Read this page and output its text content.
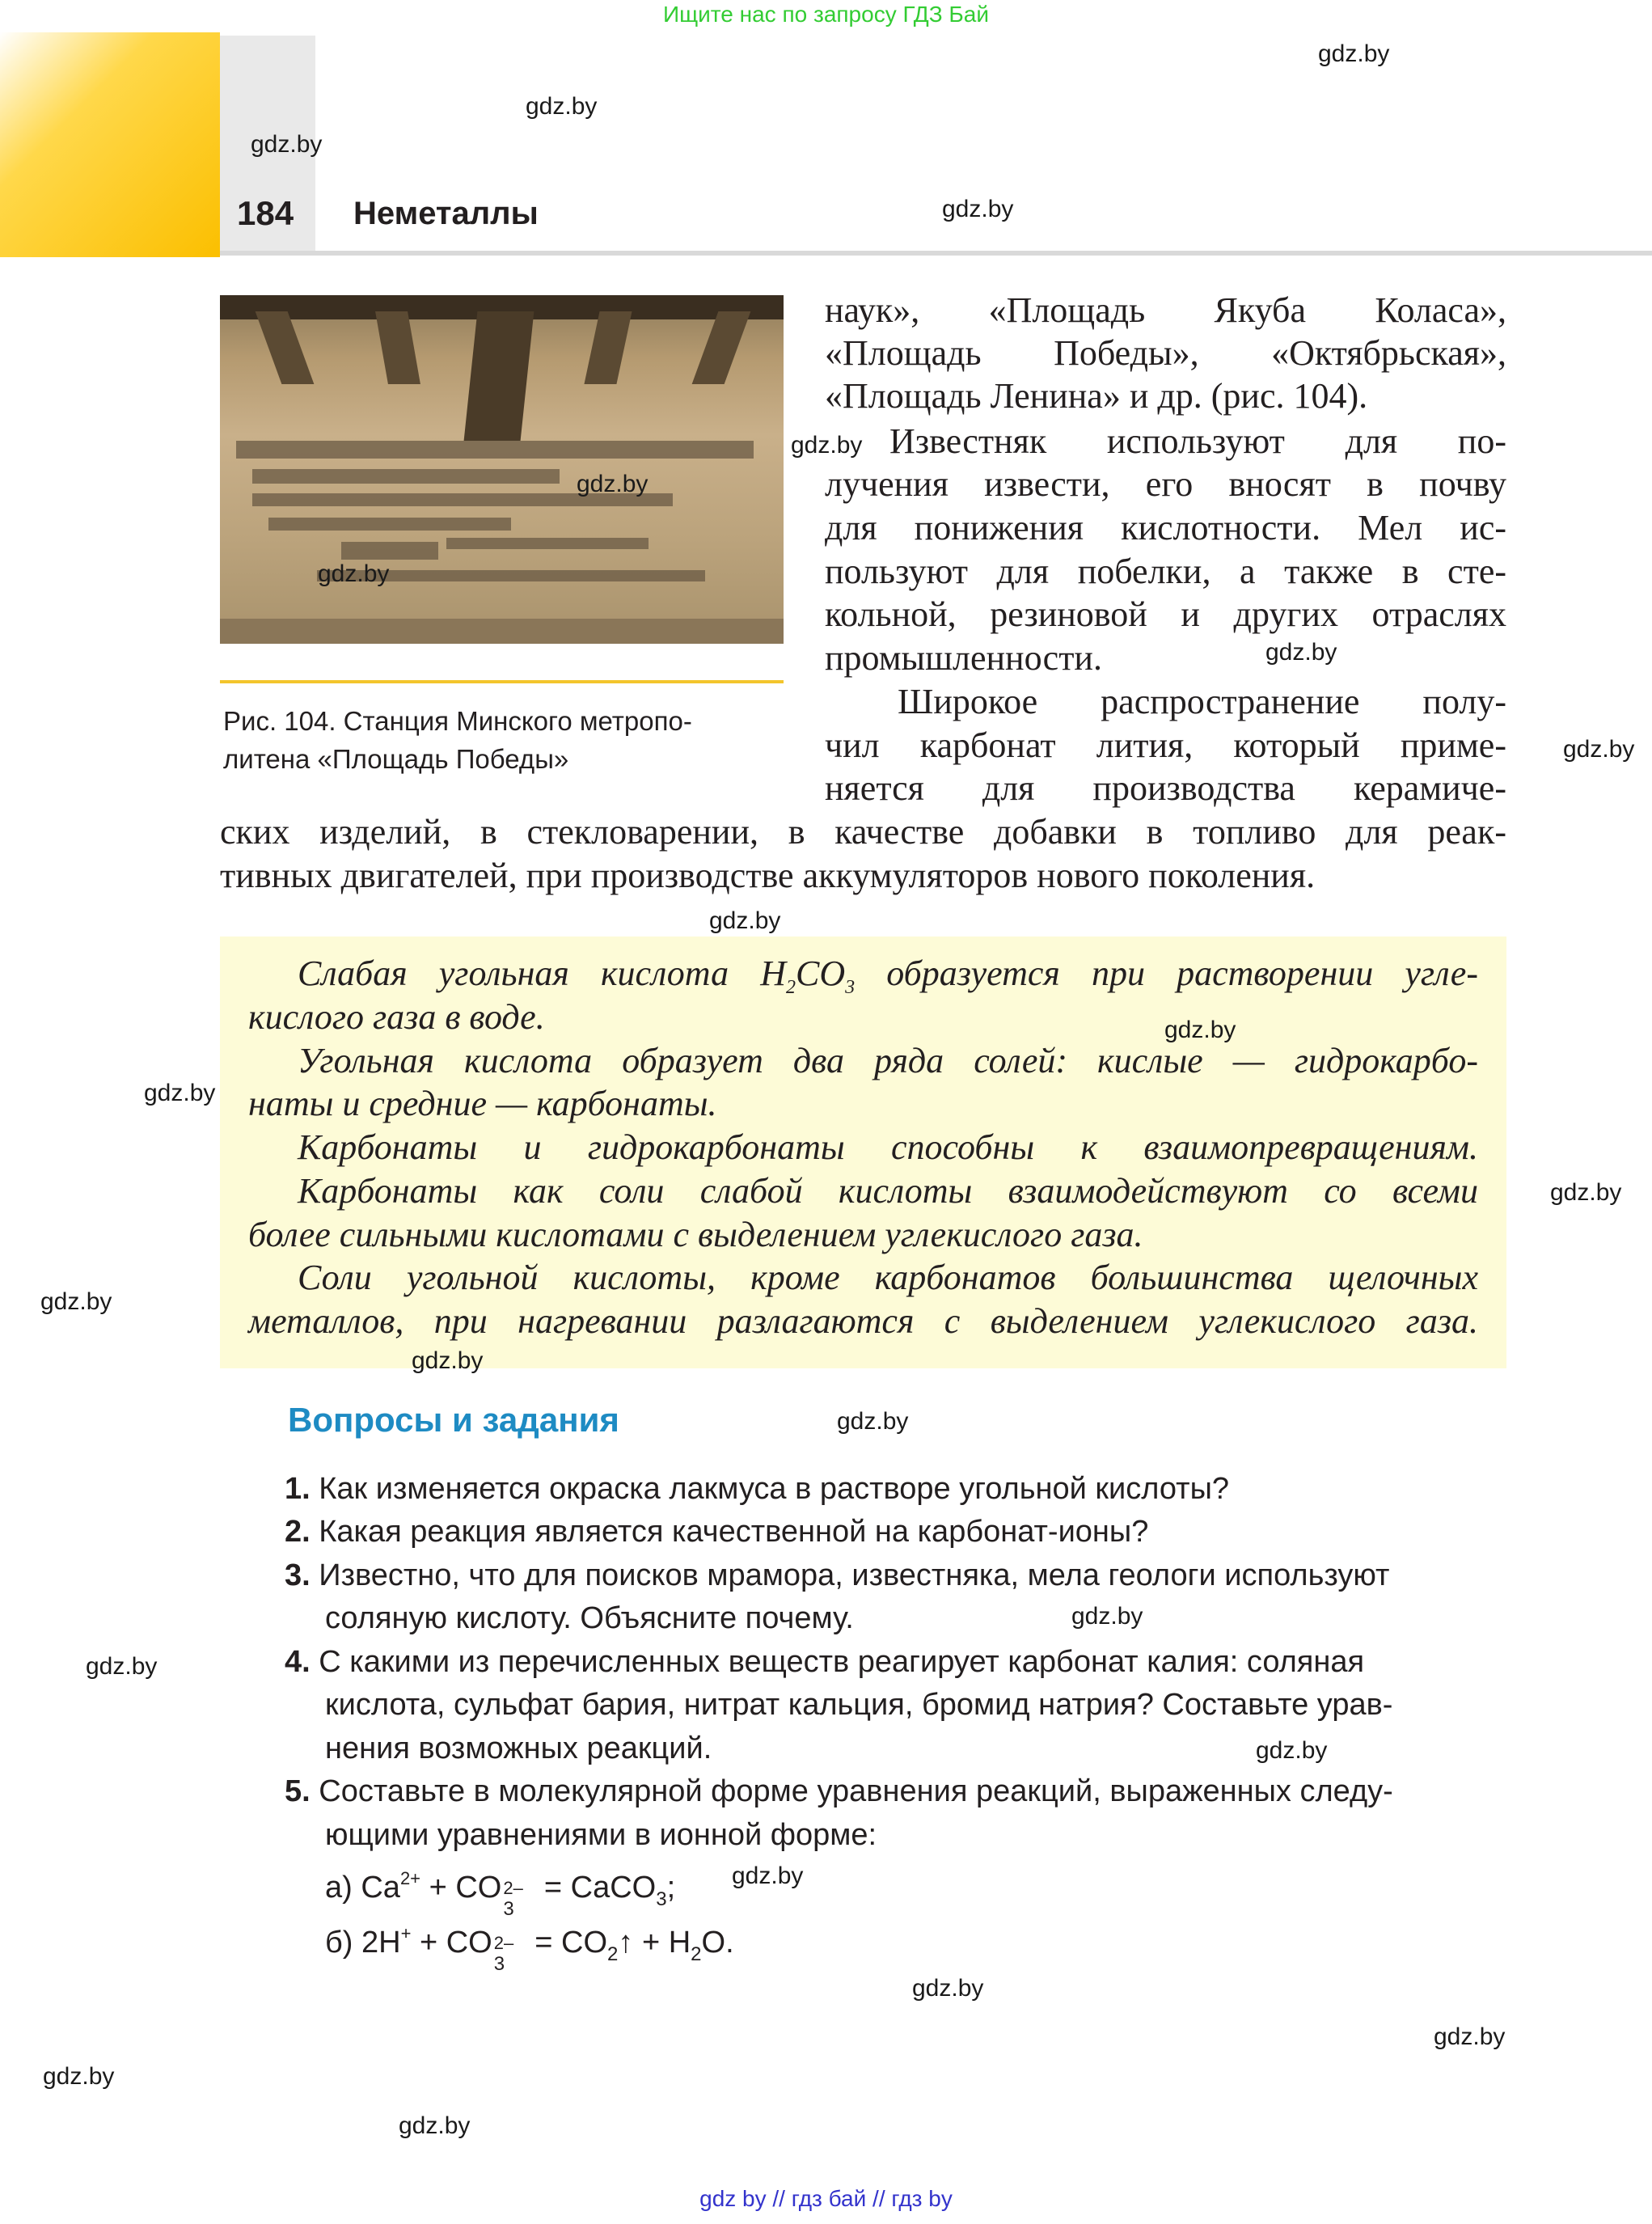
Ищите нас по запросу ГДЗ Бай
184 Неметаллы
Рис. 104. Станция Минского метропо-
литена «Площадь Победы»
наук», «Площадь Якуба Коласа»,
«Площадь Победы», «Октябрьская»,
«Площадь Ленина» и др. (рис. 104).
Известняк используют для по-
лучения извести, его вносят в почву
для понижения кислотности. Мел ис-
пользуют для побелки, а также в сте-
кольной, резиновой и других отраслях
промышленности.
Широкое распространение полу-
чил карбонат лития, который приме-
няется для производства керамиче-
ских изделий, в стекловарении, в качестве добавки в топливо для реак-
тивных двигателей, при производстве аккумуляторов нового поколения.
Слабая угольная кислота $H_2CO_3$ образуется при растворении угле-
кислого газа в воде.
Угольная кислота образует два ряда солей: кислые — гидрокарбо-
наты и средние — карбонаты.
Карбонаты и гидрокарбонаты способны к взаимопревращениям.
Карбонаты как соли слабой кислоты взаимодействуют со всеми
более сильными кислотами с выделением углекислого газа.
Соли угольной кислоты, кроме карбонатов большинства щелочных
металлов, при нагревании разлагаются с выделением углекислого газа.
Вопросы и задания
1. Как изменяется окраска лакмуса в растворе угольной кислоты?
2. Какая реакция является качественной на карбонат-ионы?
3. Известно, что для поисков мрамора, известняка, мела геологи используют
соляную кислоту. Объясните почему.
4. С какими из перечисленных веществ реагирует карбонат калия: соляная
кислота, сульфат бария, нитрат кальция, бромид натрия? Составьте урав-
нения возможных реакций.
5. Составьте в молекулярной форме уравнения реакций, выраженных следу-
ющими уравнениями в ионной форме:
а) $Ca^{2+}$ + CO 2–
3
= CaCO$_3$;
б) 2H+ + CO 2–
3
= $CO_2↑ + H_2O$.
gdz.by
gdz.by
gdz.by
gdz.by
gdz.by
gdz.by
gdz.by
gdz.by
gdz.by
gdz.by
gdz.by
gdz.by
gdz.by
gdz.by
gdz.by
gdz.by
gdz.by
gdz.by
gdz.by
gdz.by
gdz.by
gdz.by
gdz.by
gdz.by
gdz by // гдз бай // гдз by
